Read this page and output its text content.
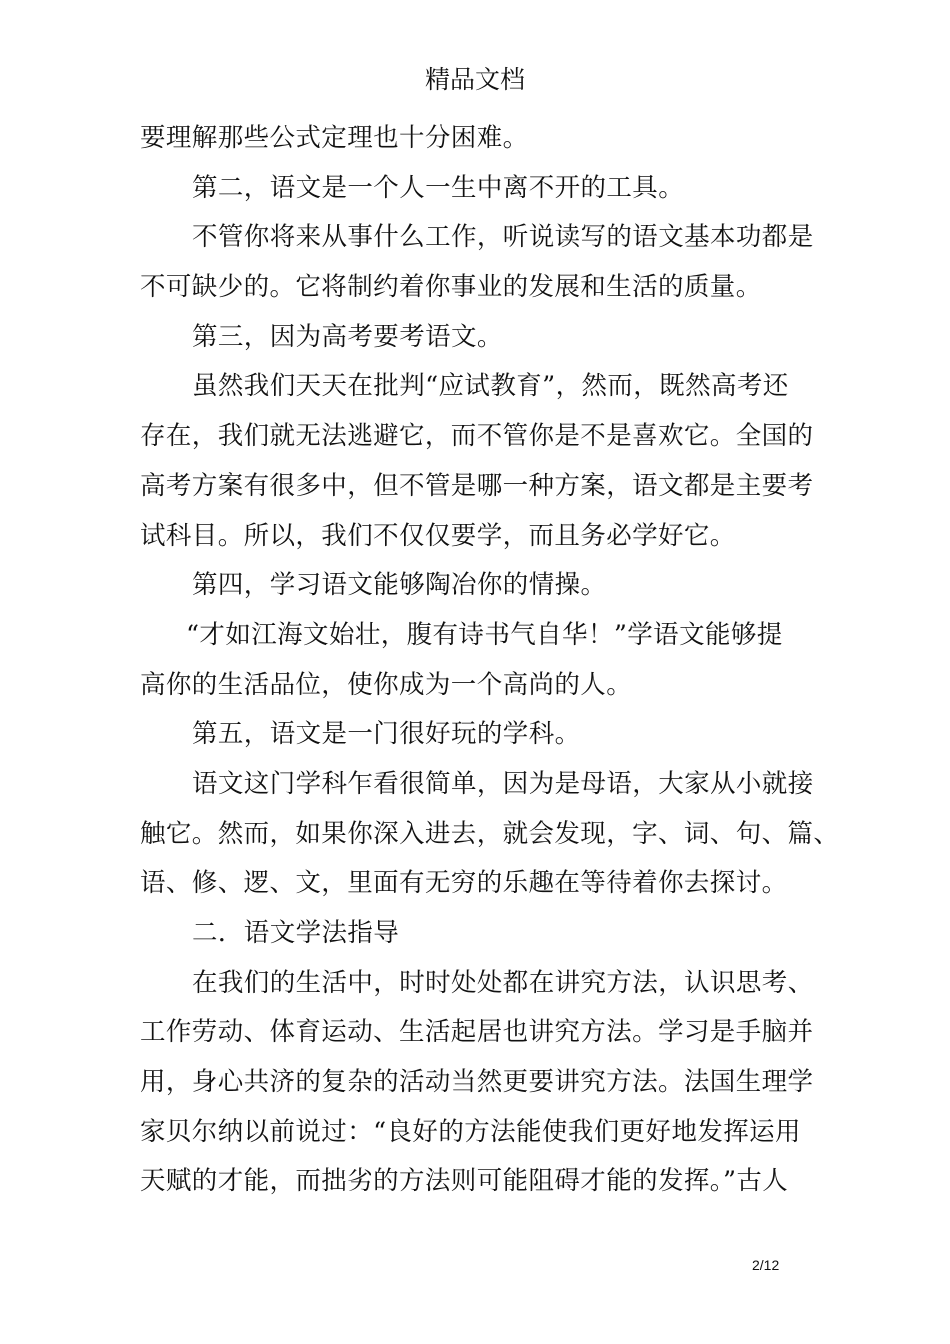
精品文档
要理解那些公式定理也十分困难。
第二，语文是一个人一生中离不开的工具。
不管你将来从事什么工作，听说读写的语文基本功都是
不可缺少的。它将制约着你事业的发展和生活的质量。
第三，因为高考要考语文。
虽然我们天天在批判“应试教育”，然而，既然高考还
存在，我们就无法逃避它，而不管你是不是喜欢它。全国的
高考方案有很多中，但不管是哪一种方案，语文都是主要考
试科目。所以，我们不仅仅要学，而且务必学好它。
第四，学习语文能够陶冶你的情操。
“才如江海文始壮，腹有诗书气自华！”学语文能够提
高你的生活品位，使你成为一个高尚的人。
第五，语文是一门很好玩的学科。
语文这门学科乍看很简单，因为是母语，大家从小就接
触它。然而，如果你深入进去，就会发现，字、词、句、篇、
语、修、逻、文，里面有无穷的乐趣在等待着你去探讨。
二．语文学法指导
在我们的生活中，时时处处都在讲究方法，认识思考、
工作劳动、体育运动、生活起居也讲究方法。学习是手脑并
用，身心共济的复杂的活动当然更要讲究方法。法国生理学
家贝尔纳以前说过：“良好的方法能使我们更好地发挥运用
天赋的才能，而拙劣的方法则可能阻碍才能的发挥。”古人
2/12
